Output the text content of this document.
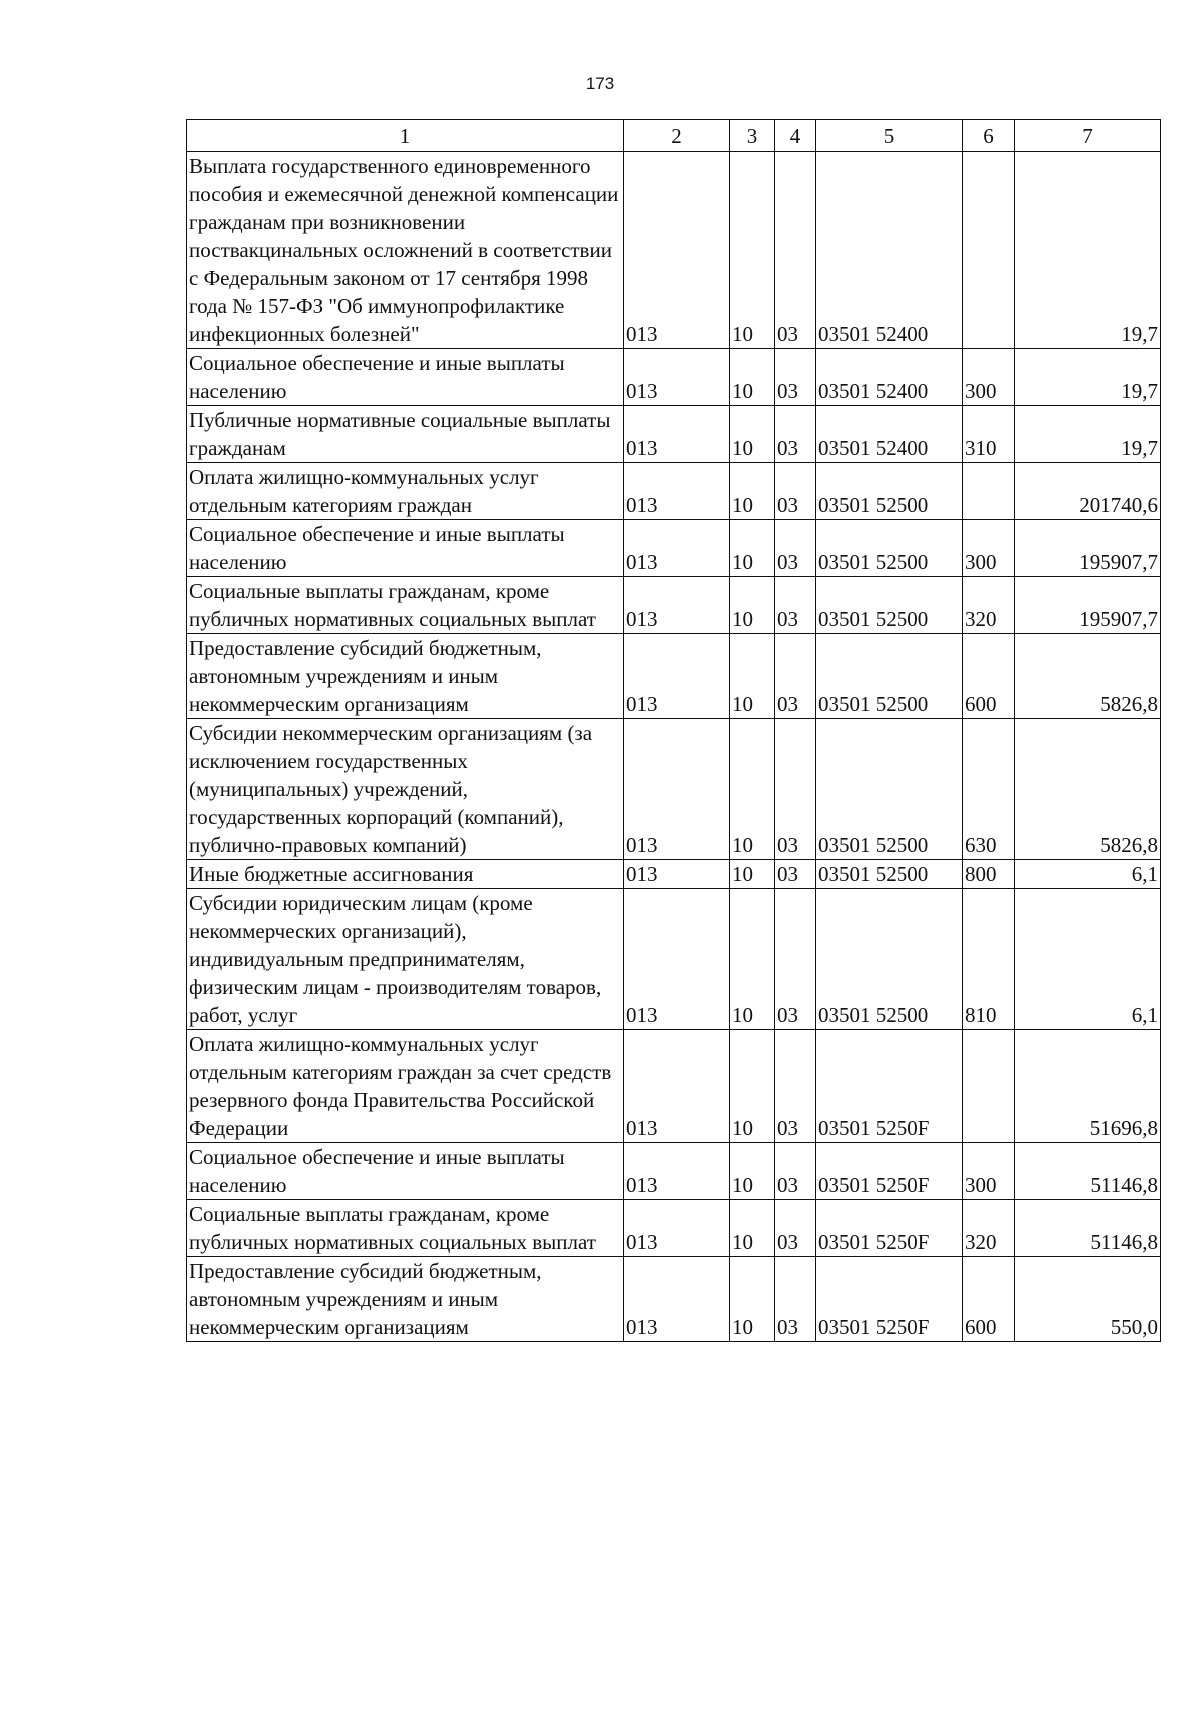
173
1	2	3	4	5	6	7
Выплата государственного единовременного пособия и ежемесячной денежной компенсации гражданам при возникновении поствакцинальных осложнений в соответствии с Федеральным законом от 17 сентября 1998 года № 157-ФЗ "Об иммунопрофилактике инфекционных болезней"	013	10	03	03501 52400		19,7
Социальное обеспечение и иные выплаты населению	013	10	03	03501 52400	300	19,7
Публичные нормативные социальные выплаты гражданам	013	10	03	03501 52400	310	19,7
Оплата жилищно-коммунальных услуг отдельным категориям граждан	013	10	03	03501 52500		201740,6
Социальное обеспечение и иные выплаты населению	013	10	03	03501 52500	300	195907,7
Социальные выплаты гражданам, кроме публичных нормативных социальных выплат	013	10	03	03501 52500	320	195907,7
Предоставление субсидий бюджетным, автономным учреждениям и иным некоммерческим организациям	013	10	03	03501 52500	600	5826,8
Субсидии некоммерческим организациям (за исключением государственных (муниципальных) учреждений, государственных корпораций (компаний), публично-правовых компаний)	013	10	03	03501 52500	630	5826,8
Иные бюджетные ассигнования	013	10	03	03501 52500	800	6,1
Субсидии юридическим лицам (кроме некоммерческих организаций), индивидуальным предпринимателям, физическим лицам - производителям товаров, работ, услуг	013	10	03	03501 52500	810	6,1
Оплата жилищно-коммунальных услуг отдельным категориям граждан за счет средств резервного фонда Правительства Российской Федерации	013	10	03	03501 5250F		51696,8
Социальное обеспечение и иные выплаты населению	013	10	03	03501 5250F	300	51146,8
Социальные выплаты гражданам, кроме публичных нормативных социальных выплат	013	10	03	03501 5250F	320	51146,8
Предоставление субсидий бюджетным, автономным учреждениям и иным некоммерческим организациям	013	10	03	03501 5250F	600	550,0
